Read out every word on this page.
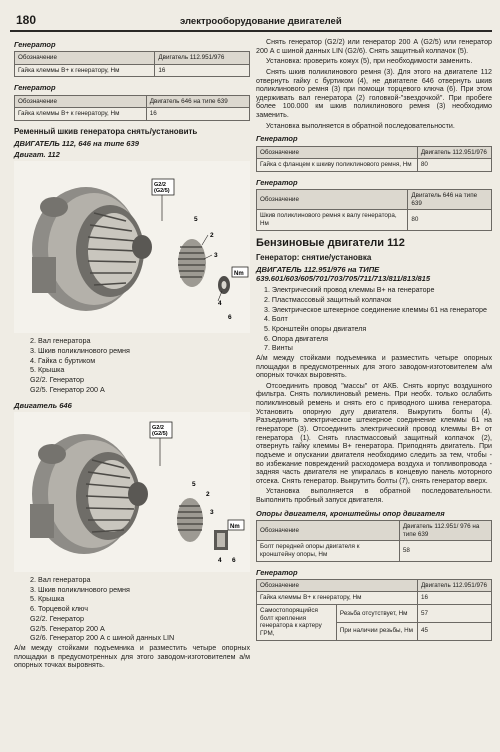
180	электрооборудование двигателей
Генератор
Обозначение	Двигатель 112.951/976
Гайка клеммы В+ к генератору, Нм	16
Генератор
Обозначение	Двигатель 646 на типе 639
Гайка клеммы В+ к генератору, Нм	16
Ременный шкив генератора снять/установить
ДВИГАТЕЛЬ 112, 646 на типе 639
Двигат. 112
G2/2 (G2/5)
Nm
2
3
4
5
6

2. Вал генератора

3. Шкив поликлинового ремня

4. Гайка с буртиком

5. Крышка

G2/2. Генератор

G2/5. Генератор 200 А

Двигатель 646
G2/2 (G2/5)
Nm
2
3
4
5
6

2. Вал генератора

3. Шкив поликлинового ремня

5. Крышка

6. Торцевой ключ

G2/2. Генератор

G2/5. Генератор 200 А

G2/6. Генератор 200 А с шиной данных LIN

А/м между стойками подъемника и разместить четыре опорных площадки в предусмотренных для этого заводом-изготовителем а/м опорных точках выровнять.
Снять генератор (G2/2) или генератор 200 А (G2/5) или генератор 200 А с шиной данных LIN (G2/6). Снять защитный колпачок (5).
Установка: проверить кожух (5), при необходимости заменить.
Снять шкив поликлинового ремня (3). Для этого на двигателе 112 отвернуть гайку с буртиком (4), не двигателе 646 отвернуть шкив поликлинового ремня (3) при помощи торцевого ключа (6). При этом удерживать вал генератора (2) головкой-"звездочкой". При пробеге более 100.000 км шкив поликлинового ремня (3) необходимо заменить.
Установка выполняется в обратной последовательности.
Генератор
Обозначение	Двигатель 112.951/976
Гайка с фланцем к шкиву поликлинового ремня, Нм	80
Генератор
Обозначение	Двигатель 646 на типе 639
Шкив поликлинового ремня к валу генератора, Нм	80
Бензиновые двигатели 112
Генератор: снятие/установка
ДВИГАТЕЛЬ 112.951/976 на ТИПЕ
639.601/603/605/701/703/705/711/713/811/813/815

1. Электрический провод клеммы В+ на генераторе

2. Пластмассовый защитный колпачок

3. Электрическое штекерное соединение клеммы 61 на генераторе

4. Болт

5. Кронштейн опоры двигателя

6. Опора двигателя

7. Винты

А/м между стойками подъемника и разместить четыре опорных площадки в предусмотренных для этого заводом-изготовителем а/м опорных точках выровнять.
Отсоединить провод "массы" от АКБ. Снять корпус воздушного фильтра. Снять поликлиновый ремень. При необх. только ослабить поликлиновый ремень и снять его с приводного шкива генератора. Установить опорную дугу двигателя. Выкрутить болты (4). Разъединить электрическое штекерное соединение клеммы 61 на генераторе (3). Отсоединить электрический провод клеммы В+ от генератора (1). Снять пластмассовый защитный колпачок (2), отвернуть гайку клеммы В+ генератора. Приподнять двигатель. При подъеме и опускании двигателя необходимо следить за тем, чтобы - во избежание повреждений расходомера воздуха и топливопровода - задняя часть двигателя не упиралась в концевую панель моторного отсека. Снять генератор. Выкрутить болты (7), снять генератор вверх.
Установка выполняется в обратной последовательности. Выполнить пробный запуск двигателя.
Опоры двигателя, кронштейны опор двигателя
Обозначение	Двигатель 112.951/ 976 на типе 639
Болт передней опоры двигателя к кронштейну опоры, Нм	58
Генератор
Обозначение		Двигатель 112.951/976
Гайка клеммы В+ к генератору, Нм		16
Самостопорящийся болт крепления генератора к картеру ГРМ,	Резьба отсутствует, Нм	57
	При наличии резьбы, Нм	45
